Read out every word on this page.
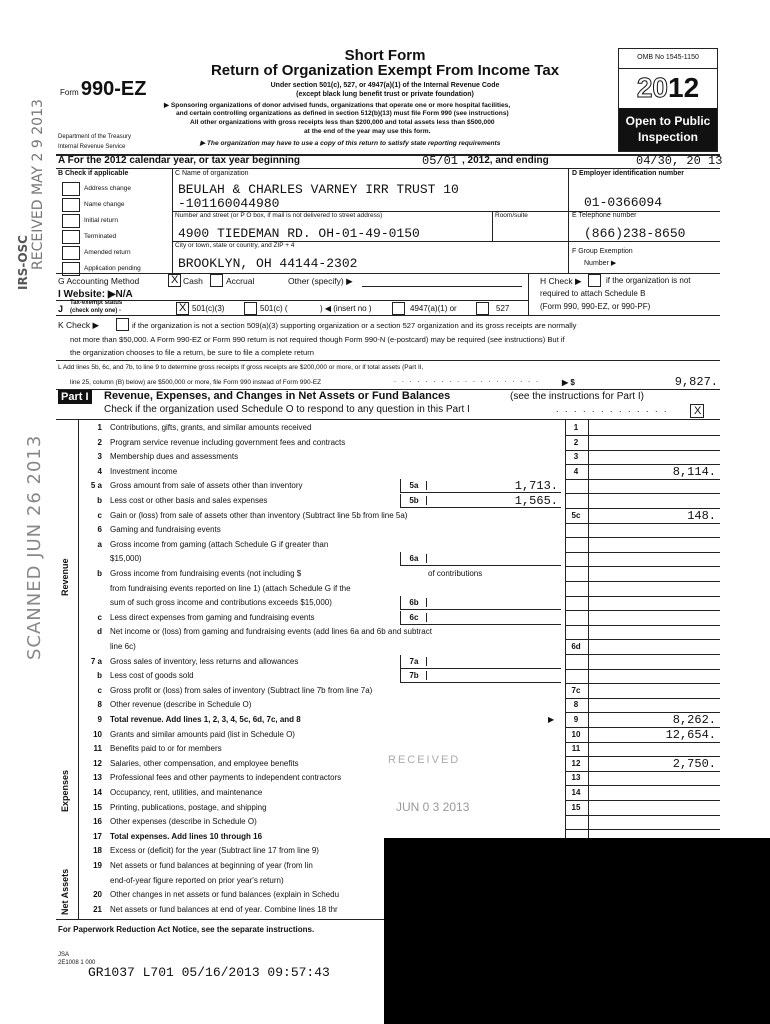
Form 990-EZ
Department of the Treasury
Internal Revenue Service
Short Form
Return of Organization Exempt From Income Tax
Under section 501(c), 527, or 4947(a)(1) of the Internal Revenue Code
(except black lung benefit trust or private foundation)
▶ Sponsoring organizations of donor advised funds, organizations that operate one or more hospital facilities,
and certain controlling organizations as defined in section 512(b)(13) must file Form 990 (see instructions)
All other organizations with gross receipts less than $200,000 and total assets less than $500,000
at the end of the year may use this form.
▶ The organization may have to use a copy of this return to satisfy state reporting requirements
OMB No 1545-1150
2012
Open to Public
Inspection
A For the 2012 calendar year, or tax year beginning	05/01 , 2012, and ending	04/30 , 20 13
B Check if applicable
Address change
Name change
Initial return
Terminated
Amended return
Application pending
C Name of organization
BEULAH & CHARLES VARNEY IRR TRUST 10
-101160044980
Number and street (or P O box, if mail is not delivered to street address)	Room/suite
4900 TIEDEMAN RD. OH-01-49-0150
City or town, state or country, and ZIP + 4
BROOKLYN, OH 44144-2302
D Employer identification number
01-0366094
E Telephone number
(866)238-8650
F Group Exemption
Number ▶
G Accounting Method	X Cash	Accrual	Other (specify) ▶	H Check ▶	if the organization is not
required to attach Schedule B
(Form 990, 990-EZ, or 990-PF)
I Website: ▶N/A
J
Tax-exempt status
(check only one) -	X 501(c)(3)	501(c) (	) ◀ (insert no )	4947(a)(1) or	527
K Check ▶	if the organization is not a section 509(a)(3) supporting organization or a section 527 organization and its gross receipts are normally
not more than $50,000. A Form 990-EZ or Form 990 return is not required though Form 990-N (e-postcard) may be required (see instructions) But if
the organization chooses to file a return, be sure to file a complete return
L Add lines 5b, 6c, and 7b, to line 9 to determine gross receipts If gross receipts are $200,000 or more, or if total assets (Part II,
line 25, column (B) below) are $500,000 or more, file Form 990 instead of Form 990-EZ	. . . . . . . . . . . . . . . . . . .	▶ $	9,827.
Part I Revenue, Expenses, and Changes in Net Assets or Fund Balances	(see the instructions for Part I)
Check if the organization used Schedule O to respond to any question in this Part I	. . . . . . . . . . . . . X
Revenue
Expenses
Net Assets
1 Contributions, gifts, grants, and similar amounts received	1
2 Program service revenue including government fees and contracts	2
3 Membership dues and assessments	3
4 Investment income	4	8,114.
5 a Gross amount from sale of assets other than inventory	5a	1,713.
b Less cost or other basis and sales expenses	5b	1,565.
c Gain or (loss) from sale of assets other than inventory (Subtract line 5b from line 5a)	5c	148.
6 Gaming and fundraising events
a Gross income from gaming (attach Schedule G if greater than
$15,000)	6a
b Gross income from fundraising events (not including $	of contributions
from fundraising events reported on line 1) (attach Schedule G if the
sum of such gross income and contributions exceeds $15,000)	6b
c Less direct expenses from gaming and fundraising events	6c
d Net income or (loss) from gaming and fundraising events (add lines 6a and 6b and subtract
line 6c)	6d
7 a Gross sales of inventory, less returns and allowances	7a
b Less cost of goods sold	7b
c Gross profit or (loss) from sales of inventory (Subtract line 7b from line 7a)	7c
8 Other revenue (describe in Schedule O)	8
9 Total revenue. Add lines 1, 2, 3, 4, 5c, 6d, 7c, and 8	▶	9	8,262.
10 Grants and similar amounts paid (list in Schedule O)	10	12,654.
11 Benefits paid to or for members	11
12 Salaries, other compensation, and employee benefits	12	2,750.
13 Professional fees and other payments to independent contractors	13
14 Occupancy, rent, utilities, and maintenance	14
15 Printing, publications, postage, and shipping	15
16 Other expenses (describe in Schedule O)
17 Total expenses. Add lines 10 through 16
18 Excess or (deficit) for the year (Subtract line 17 from line 9)
19 Net assets or fund balances at beginning of year (from lin
end-of-year figure reported on prior year's return)
20 Other changes in net assets or fund balances (explain in Schedu
21 Net assets or fund balances at end of year. Combine lines 18 thr
For Paperwork Reduction Act Notice, see the separate instructions.
JSA
2E1008 1 000
GR1037 L701 05/16/2013 09:57:43
RECEIVED MAY 2 9 2013
IRS-OSC
SCANNED JUN 26 2013
RECEIVED
JUN 0 3 2013
